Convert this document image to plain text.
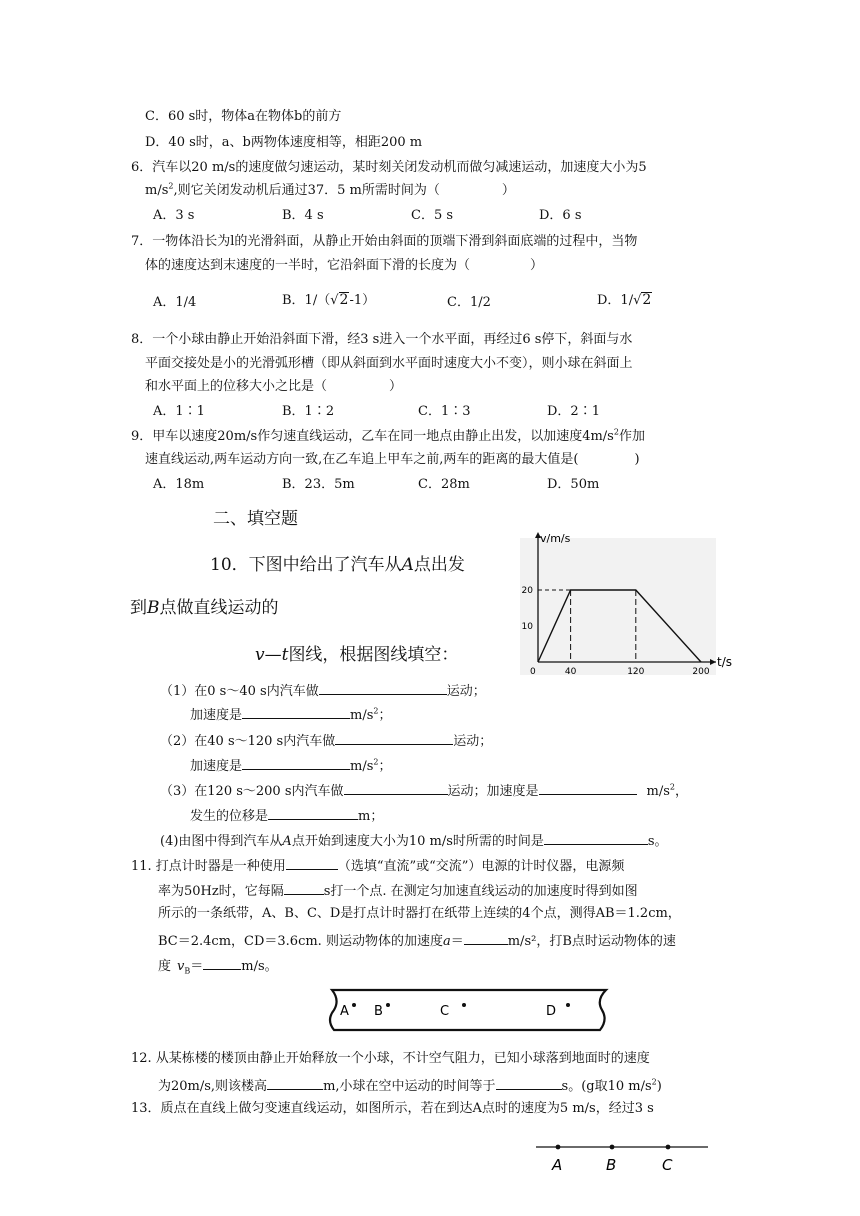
C．60 s时，物体a在物体b的前方
D．40 s时，a、b两物体速度相等，相距200 m
6．汽车以20 m/s的速度做匀速运动，某时刻关闭发动机而做匀减速运动，加速度大小为5
$m/s^2$,则它关闭发动机后通过37．5 m所需时间为（	）
A．3 s	B．4 s	C．5 s	D．6 s
7．一物体沿长为l的光滑斜面，从静止开始由斜面的顶端下滑到斜面底端的过程中，当物
体的速度达到末速度的一半时，它沿斜面下滑的长度为（	）
A．1/4	B．1/（√2-1）	C．1/2	D．1/√2
8．一个小球由静止开始沿斜面下滑，经3 s进入一个水平面，再经过6 s停下，斜面与水
平面交接处是小的光滑弧形槽（即从斜面到水平面时速度大小不变），则小球在斜面上
和水平面上的位移大小之比是（	）
A．1∶1	B．1∶2	C．1∶3	D．2∶1
9．甲车以速度20m/s作匀速直线运动，乙车在同一地点由静止出发，以加速度$4m/s^2$作加
速直线运动,两车运动方向一致,在乙车追上甲车之前,两车的距离的最大值是(	)
A．18m	B．23．5m	C．28m	D．50m
二、填空题
10．下图中给出了汽车从A点出发
到B点做直线运动的
v—t图线，根据图线填空：
v/m/s
t/s
10
20
0	40	120	200
（1）在0 s～40 s内汽车做	运动；
加速度是	$m/s^2$；
（2）在40 s～120 s内汽车做	运动；
加速度是	$m/s^2$；
（3）在120 s～200 s内汽车做	运动；加速度是	$m/s^2$，
发生的位移是	m；
(4)由图中得到汽车从A点开始到速度大小为10 m/s时所需的时间是	s。
11. 打点计时器是一种使用	（选填“直流”或“交流”）电源的计时仪器，电源频
率为50Hz时，它每隔	s打一个点. 在测定匀加速直线运动的加速度时得到如图
所示的一条纸带，A、B、C、D是打点计时器打在纸带上连续的4个点，测得AB＝1.2cm，
BC＝2.4cm，CD＝3.6cm. 则运动物体的加速度a＝	m/s²，打B点时运动物体的速
度 $v_B=$	m/s。
A B	C	D
12. 从某栋楼的楼顶由静止开始释放一个小球，不计空气阻力，已知小球落到地面时的速度
为20m/s,则该楼高	m,小球在空中运动的时间等于	s。(g取10 $m/s^2$)
13．质点在直线上做匀变速直线运动，如图所示，若在到达A点时的速度为5 m/s，经过3 s
A	B	C
